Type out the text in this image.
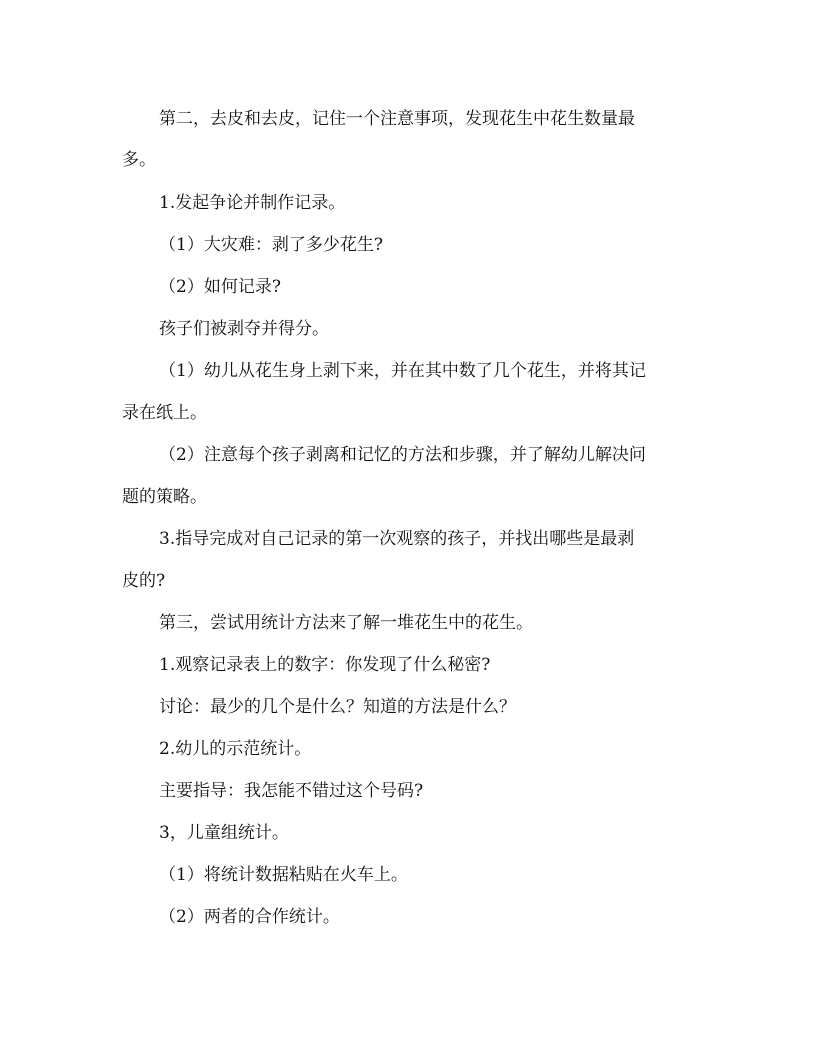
第二，去皮和去皮，记住一个注意事项，发现花生中花生数量最

多。

1.发起争论并制作记录。

（1）大灾难：剥了多少花生?

（2）如何记录?

孩子们被剥夺并得分。

（1）幼儿从花生身上剥下来，并在其中数了几个花生，并将其记

录在纸上。

（2）注意每个孩子剥离和记忆的方法和步骤，并了解幼儿解决问

题的策略。

3.指导完成对自己记录的第一次观察的孩子，并找出哪些是最剥

皮的?

第三，尝试用统计方法来了解一堆花生中的花生。

1.观察记录表上的数字：你发现了什么秘密?

讨论：最少的几个是什么？知道的方法是什么？

2.幼儿的示范统计。

主要指导：我怎能不错过这个号码?

3，儿童组统计。

（1）将统计数据粘贴在火车上。

（2）两者的合作统计。
